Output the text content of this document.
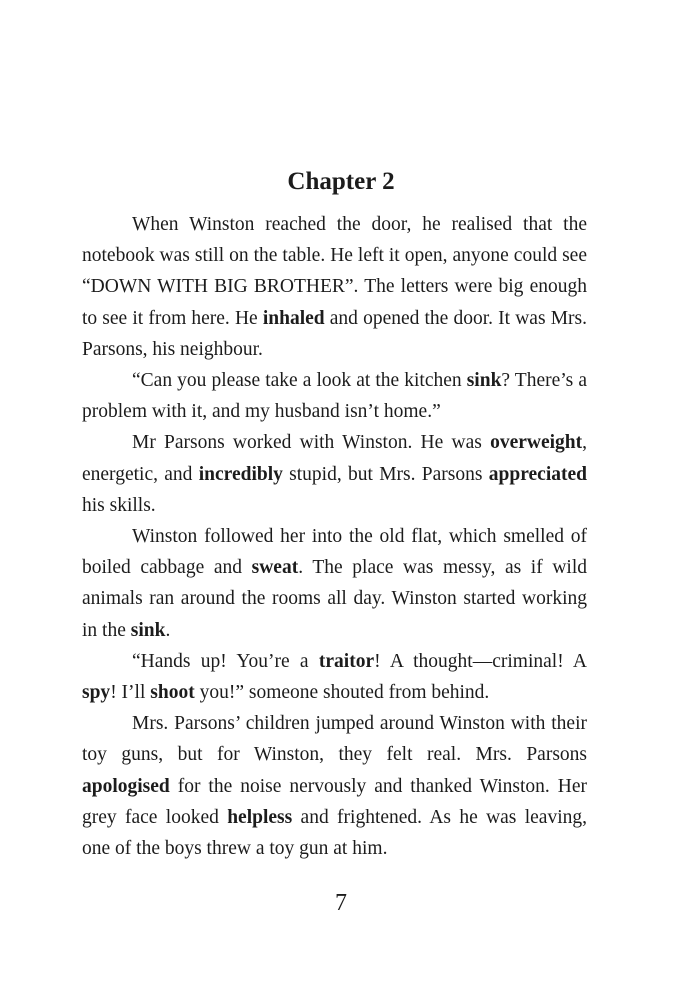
Chapter 2

When Winston reached the door, he realised that the notebook was still on the table. He left it open, anyone could see “DOWN WITH BIG BROTHER”. The letters were big enough to see it from here. He inhaled and opened the door. It was Mrs. Parsons, his neighbour.

“Can you please take a look at the kitchen sink? There’s a problem with it, and my husband isn’t home.”

Mr Parsons worked with Winston. He was overweight, energetic, and incredibly stupid, but Mrs. Parsons appreciated his skills.

Winston followed her into the old flat, which smelled of boiled cabbage and sweat. The place was messy, as if wild animals ran around the rooms all day. Winston started working in the sink.

“Hands up! You’re a traitor! A thought—criminal! A spy! I’ll shoot you!” someone shouted from behind.

Mrs. Parsons’ children jumped around Winston with their toy guns, but for Winston, they felt real. Mrs. Parsons apologised for the noise nervously and thanked Winston. Her grey face looked helpless and frightened. As he was leaving, one of the boys threw a toy gun at him.

7
